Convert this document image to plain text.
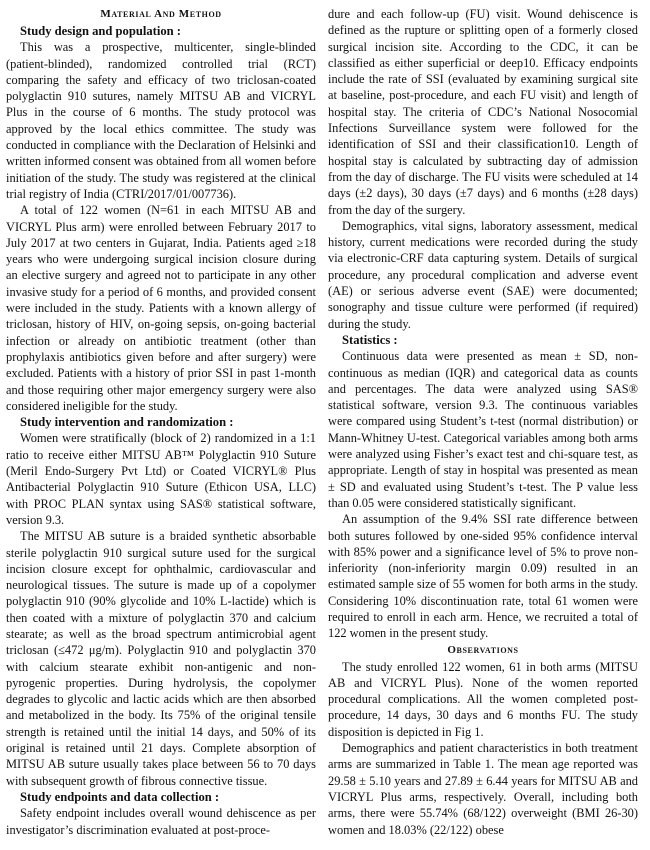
Material And Method
Study design and population :

This was a prospective, multicenter, single-blinded (patient-blinded), randomized controlled trial (RCT) comparing the safety and efficacy of two triclosan-coated polyglactin 910 sutures, namely MITSU AB and VICRYL Plus in the course of 6 months. The study protocol was approved by the local ethics committee. The study was conducted in compliance with the Declaration of Helsinki and written informed consent was obtained from all women before initiation of the study. The study was registered at the clinical trial registry of India (CTRI/2017/01/007736).

A total of 122 women (N=61 in each MITSU AB and VICRYL Plus arm) were enrolled between February 2017 to July 2017 at two centers in Gujarat, India. Patients aged ≥18 years who were undergoing surgical incision closure during an elective surgery and agreed not to participate in any other invasive study for a period of 6 months, and provided consent were included in the study. Patients with a known allergy of triclosan, history of HIV, on-going sepsis, on-going bacterial infection or already on antibiotic treatment (other than prophylaxis antibiotics given before and after surgery) were excluded. Patients with a history of prior SSI in past 1-month and those requiring other major emergency surgery were also considered ineligible for the study.

Study intervention and randomization :

Women were stratifically (block of 2) randomized in a 1:1 ratio to receive either MITSU AB™ Polyglactin 910 Suture (Meril Endo-Surgery Pvt Ltd) or Coated VICRYL® Plus Antibacterial Polyglactin 910 Suture (Ethicon USA, LLC) with PROC PLAN syntax using SAS® statistical software, version 9.3.

The MITSU AB suture is a braided synthetic absorbable sterile polyglactin 910 surgical suture used for the surgical incision closure except for ophthalmic, cardiovascular and neurological tissues. The suture is made up of a copolymer polyglactin 910 (90% glycolide and 10% L-lactide) which is then coated with a mixture of polyglactin 370 and calcium stearate; as well as the broad spectrum antimicrobial agent triclosan (≤472 μg/m). Polyglactin 910 and polyglactin 370 with calcium stearate exhibit non-antigenic and non-pyrogenic properties. During hydrolysis, the copolymer degrades to glycolic and lactic acids which are then absorbed and metabolized in the body. Its 75% of the original tensile strength is retained until the initial 14 days, and 50% of its original is retained until 21 days. Complete absorption of MITSU AB suture usually takes place between 56 to 70 days with subsequent growth of fibrous connective tissue.

Study endpoints and data collection :

Safety endpoint includes overall wound dehiscence as per investigator’s discrimination evaluated at post-proce-

dure and each follow-up (FU) visit. Wound dehiscence is defined as the rupture or splitting open of a formerly closed surgical incision site. According to the CDC, it can be classified as either superficial or deep10. Efficacy endpoints include the rate of SSI (evaluated by examining surgical site at baseline, post-procedure, and each FU visit) and length of hospital stay. The criteria of CDC’s National Nosocomial Infections Surveillance system were followed for the identification of SSI and their classification10. Length of hospital stay is calculated by subtracting day of admission from the day of discharge. The FU visits were scheduled at 14 days (±2 days), 30 days (±7 days) and 6 months (±28 days) from the day of the surgery.

Demographics, vital signs, laboratory assessment, medical history, current medications were recorded during the study via electronic-CRF data capturing system. Details of surgical procedure, any procedural complication and adverse event (AE) or serious adverse event (SAE) were documented; sonography and tissue culture were performed (if required) during the study.

Statistics :

Continuous data were presented as mean ± SD, non-continuous as median (IQR) and categorical data as counts and percentages. The data were analyzed using SAS® statistical software, version 9.3. The continuous variables were compared using Student’s t-test (normal distribution) or Mann-Whitney U-test. Categorical variables among both arms were analyzed using Fisher’s exact test and chi-square test, as appropriate. Length of stay in hospital was presented as mean ± SD and evaluated using Student’s t-test. The P value less than 0.05 were considered statistically significant.

An assumption of the 9.4% SSI rate difference between both sutures followed by one-sided 95% confidence interval with 85% power and a significance level of 5% to prove non-inferiority (non-inferiority margin 0.09) resulted in an estimated sample size of 55 women for both arms in the study. Considering 10% discontinuation rate, total 61 women were required to enroll in each arm. Hence, we recruited a total of 122 women in the present study.

Observations

The study enrolled 122 women, 61 in both arms (MITSU AB and VICRYL Plus). None of the women reported procedural complications. All the women completed post-procedure, 14 days, 30 days and 6 months FU. The study disposition is depicted in Fig 1.

Demographics and patient characteristics in both treatment arms are summarized in Table 1. The mean age reported was 29.58 ± 5.10 years and 27.89 ± 6.44 years for MITSU AB and VICRYL Plus arms, respectively. Overall, including both arms, there were 55.74% (68/122) overweight (BMI 26-30) women and 18.03% (22/122) obese
